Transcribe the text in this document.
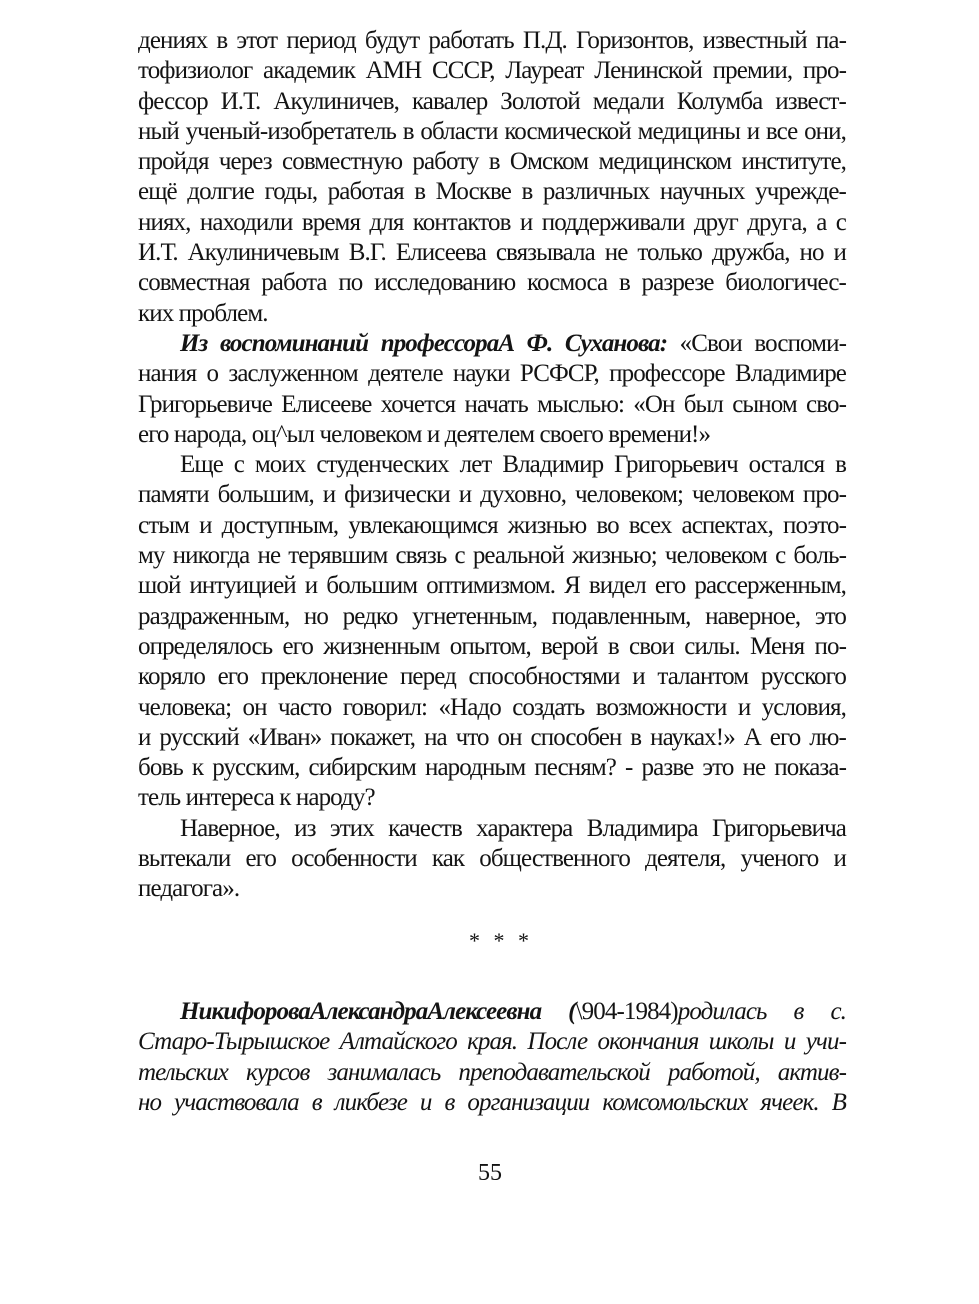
дениях в этот период будут работать П.Д. Горизонтов, известный па-
тофизиолог академик АМН СССР, Лауреат Ленинской премии, про-
фессор И.Т. Акулиничев, кавалер Золотой медали Колумба извест-
ный ученый-изобретатель в области космической медицины и все они,
пройдя через совместную работу в Омском медицинском институте,
ещё долгие годы, работая в Москве в различных научных учрежде-
ниях, находили время для контактов и поддерживали друг друга, а с
И.Т. Акулиничевым В.Г. Елисеева связывала не только дружба, но и
совместная работа по исследованию космоса в разрезе биологичес-
ких проблем.
Из воспоминаний профессораА Ф. Суханова: «Свои воспоми-
нания о заслуженном деятеле науки РСФСР, профессоре Владимире
Григорьевиче Елисееве хочется начать мыслью: «Он был сыном сво-
его народа, оц^ыл человеком и деятелем своего времени!»
Еще с моих студенческих лет Владимир Григорьевич остался в
памяти большим, и физически и духовно, человеком; человеком про-
стым и доступным, увлекающимся жизнью во всех аспектах, поэто-
му никогда не терявшим связь с реальной жизнью; человеком с боль-
шой интуицией и большим оптимизмом. Я видел его рассерженным,
раздраженным, но редко угнетенным, подавленным, наверное, это
определялось его жизненным опытом, верой в свои силы. Меня по-
коряло его преклонение перед способностями и талантом русского
человека; он часто говорил: «Надо создать возможности и условия,
и русский «Иван» покажет, на что он способен в науках!» А его лю-
бовь к русским, сибирским народным песням? - разве это не показа-
тель интереса к народу?
Наверное, из этих качеств характера Владимира Григорьевича
вытекали его особенности как общественного деятеля, ученого и
педагога».
* * *
НикифороваАлександраАлексеевна (\904-1984)родилась в с.
Старо-Тырышское Алтайского края. После окончания школы и учи-
тельских курсов занималась преподавательской работой, актив-
но участвовала в ликбезе и в организации комсомольских ячеек. В
55
